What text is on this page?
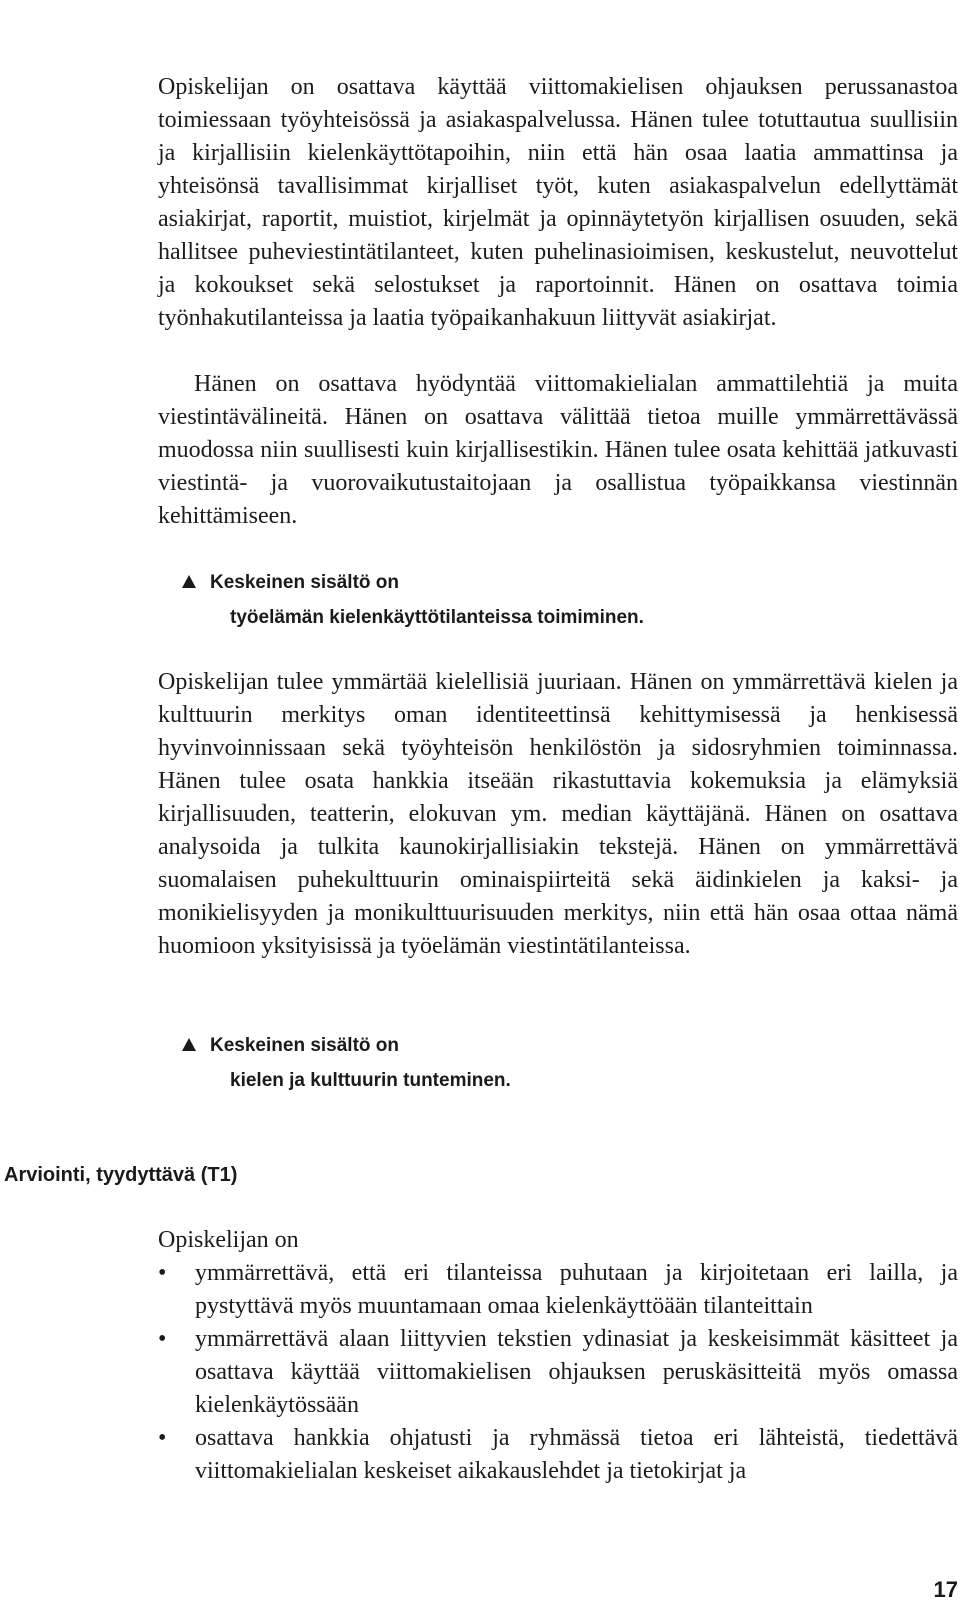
Opiskelijan on osattava käyttää viittomakielisen ohjauksen perussanastoa toimiessaan työyhteisössä ja asiakaspalvelussa. Hänen tulee totuttautua suullisiin ja kirjallisiin kielenkäyttötapoihin, niin että hän osaa laatia ammattinsa ja yhteisönsä tavallisimmat kirjalliset työt, kuten asiakaspalvelun edellyttämät asiakirjat, raportit, muistiot, kirjelmät ja opinnäytetyön kirjallisen osuuden, sekä hallitsee puheviestintätilanteet, kuten puhelinasioimisen, keskustelut, neuvottelut ja kokoukset sekä selostukset ja raportoinnit. Hänen on osattava toimia työnhakutilanteissa ja laatia työpaikanhakuun liittyvät asiakirjat.

Hänen on osattava hyödyntää viittomakielialan ammattilehtiä ja muita viestintävälineitä. Hänen on osattava välittää tietoa muille ymmärrettävässä muodossa niin suullisesti kuin kirjallisestikin. Hänen tulee osata kehittää jatkuvasti viestintä- ja vuorovaikutustaitojaan ja osallistua työpaikkansa viestinnän kehittämiseen.

Keskeinen sisältö on
työelämän kielenkäyttötilanteissa toimiminen.

Opiskelijan tulee ymmärtää kielellisiä juuriaan. Hänen on ymmärrettävä kielen ja kulttuurin merkitys oman identiteettinsä kehittymisessä ja henkisessä hyvinvoinnissaan sekä työyhteisön henkilöstön ja sidosryhmien toiminnassa. Hänen tulee osata hankkia itseään rikastuttavia kokemuksia ja elämyksiä kirjallisuuden, teatterin, elokuvan ym. median käyttäjänä. Hänen on osattava analysoida ja tulkita kaunokirjallisiakin tekstejä. Hänen on ymmärrettävä suomalaisen puhekulttuurin ominaispiirteitä sekä äidinkielen ja kaksi- ja monikielisyyden ja monikulttuurisuuden merkitys, niin että hän osaa ottaa nämä huomioon yksityisissä ja työelämän viestintätilanteissa.

Keskeinen sisältö on
kielen ja kulttuurin tunteminen.
Arviointi, tyydyttävä (T1)

Opiskelijan on

• ymmärrettävä, että eri tilanteissa puhutaan ja kirjoitetaan eri lailla, ja pystyttävä myös muuntamaan omaa kielenkäyttöään tilanteittain
• ymmärrettävä alaan liittyvien tekstien ydinasiat ja keskeisimmät käsitteet ja osattava käyttää viittomakielisen ohjauksen peruskäsitteitä myös omassa kielenkäytössään
• osattava hankkia ohjatusti ja ryhmässä tietoa eri lähteistä, tiedettävä viittomakielialan keskeiset aikakauslehdet ja tietokirjat ja
17
